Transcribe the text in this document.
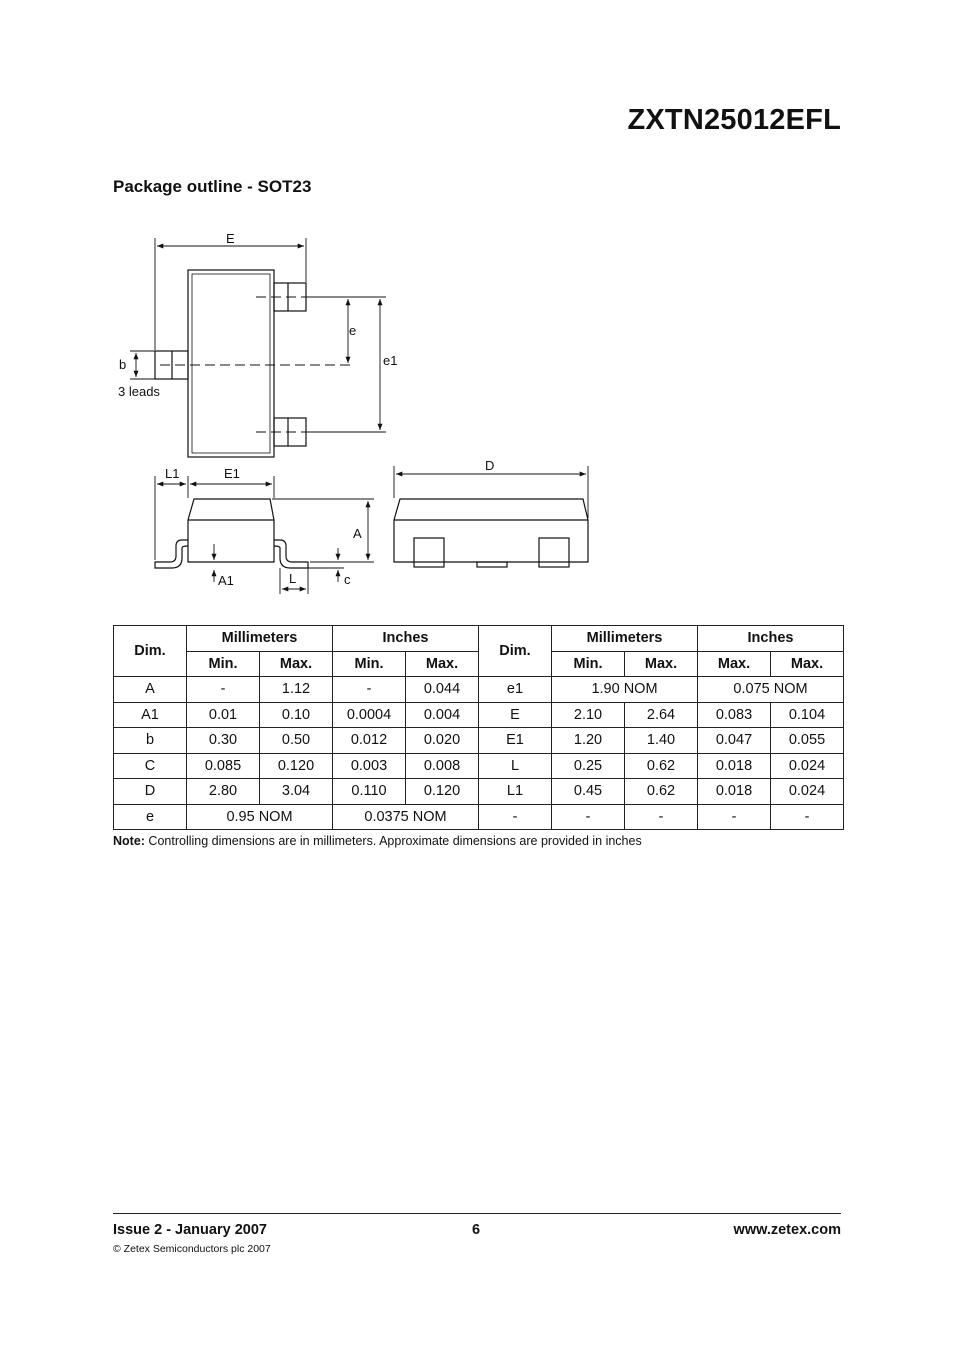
ZXTN25012EFL
Package outline - SOT23
E
e
e1
b
3 leads
L1	E1
D
A
A1	L	c
Dim.	Millimeters		Inches		Dim.	Millimeters		Inches	
	Min.	Max.	Min.	Max.		Min.	Max.	Max.	Max.
A	-	1.12	-	0.044	e1	1.90 NOM		0.075 NOM	
A1	0.01	0.10	0.0004	0.004	E	2.10	2.64	0.083	0.104
b	0.30	0.50	0.012	0.020	E1	1.20	1.40	0.047	0.055
C	0.085	0.120	0.003	0.008	L	0.25	0.62	0.018	0.024
D	2.80	3.04	0.110	0.120	L1	0.45	0.62	0.018	0.024
e	0.95 NOM		0.0375 NOM		-	-	-	-	-
Note: Controlling dimensions are in millimeters. Approximate dimensions are provided in inches
Issue 2 - January 2007	6	www.zetex.com
© Zetex Semiconductors plc 2007
